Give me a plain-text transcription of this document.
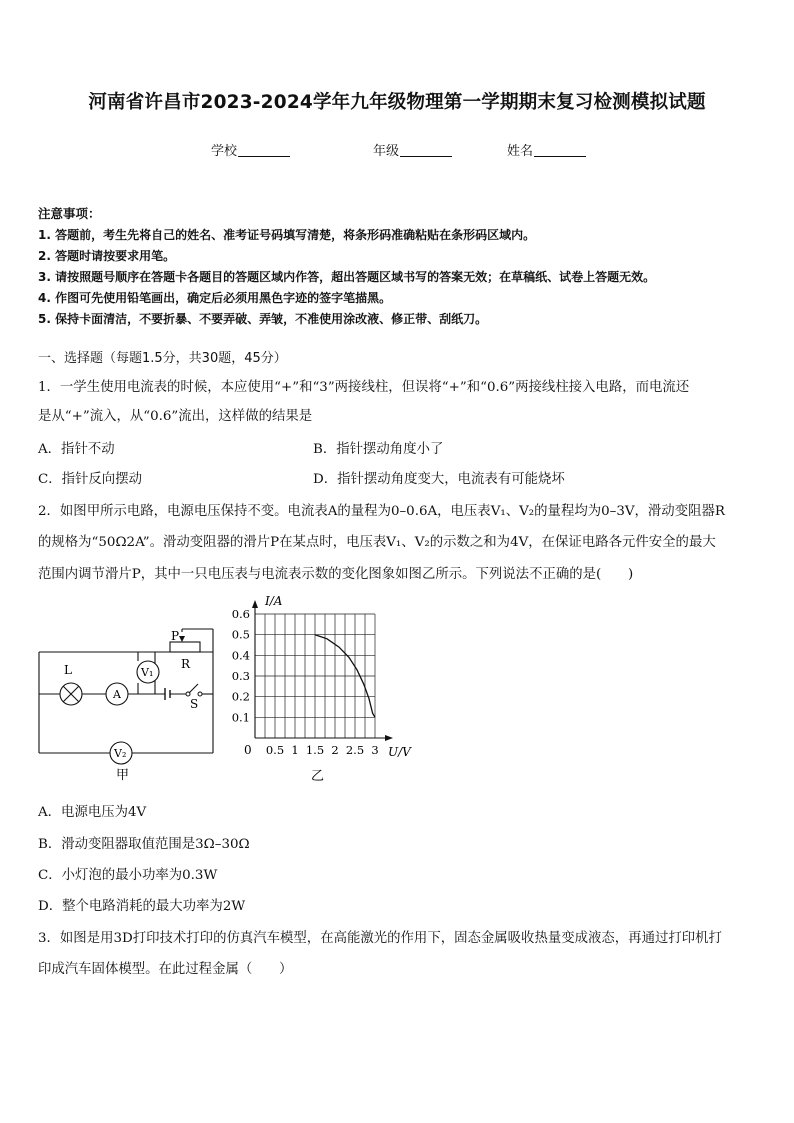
河南省许昌市2023-2024学年九年级物理第一学期期末复习检测模拟试题
学校	年级	姓名
注意事项：
1. 答题前，考生先将自己的姓名、准考证号码填写清楚，将条形码准确粘贴在条形码区域内。
2. 答题时请按要求用笔。
3. 请按照题号顺序在答题卡各题目的答题区域内作答，超出答题区域书写的答案无效；在草稿纸、试卷上答题无效。
4. 作图可先使用铅笔画出，确定后必须用黑色字迹的签字笔描黑。
5. 保持卡面清洁，不要折暴、不要弄破、弄皱，不准使用涂改液、修正带、刮纸刀。
一、选择题（每题1.5分，共30题，45分）
1．一学生使用电流表的时候，本应使用“+”和“3”两接线柱，但误将“+”和“0.6”两接线柱接入电路，而电流还
是从“+”流入，从“0.6”流出，这样做的结果是
A．指针不动	B．指针摆动角度小了
C．指针反向摆动	D．指针摆动角度变大，电流表有可能烧坏
2．如图甲所示电路，电源电压保持不变。电流表A的量程为0–0.6A，电压表V₁、V₂的量程均为0–3V，滑动变阻器R
的规格为“50Ω2A”。滑动变阻器的滑片P在某点时，电压表V₁、V₂的示数之和为4V，在保证电路各元件安全的最大
范围内调节滑片P，其中一只电压表与电流表示数的变化图象如图乙所示。下列说法不正确的是(　　)
P
R
L	V₁
A
S
V₂
甲
0.5 1 1.5 2 2.5 3
0.1
0.2
0.3
0.4
0.5
0.6
I/A
U/V
0
乙
A．电源电压为4V
B．滑动变阻器取值范围是3Ω–30Ω
C．小灯泡的最小功率为0.3W
D．整个电路消耗的最大功率为2W
3．如图是用3D打印技术打印的仿真汽车模型，在高能激光的作用下，固态金属吸收热量变成液态，再通过打印机打
印成汽车固体模型。在此过程金属（　　）
